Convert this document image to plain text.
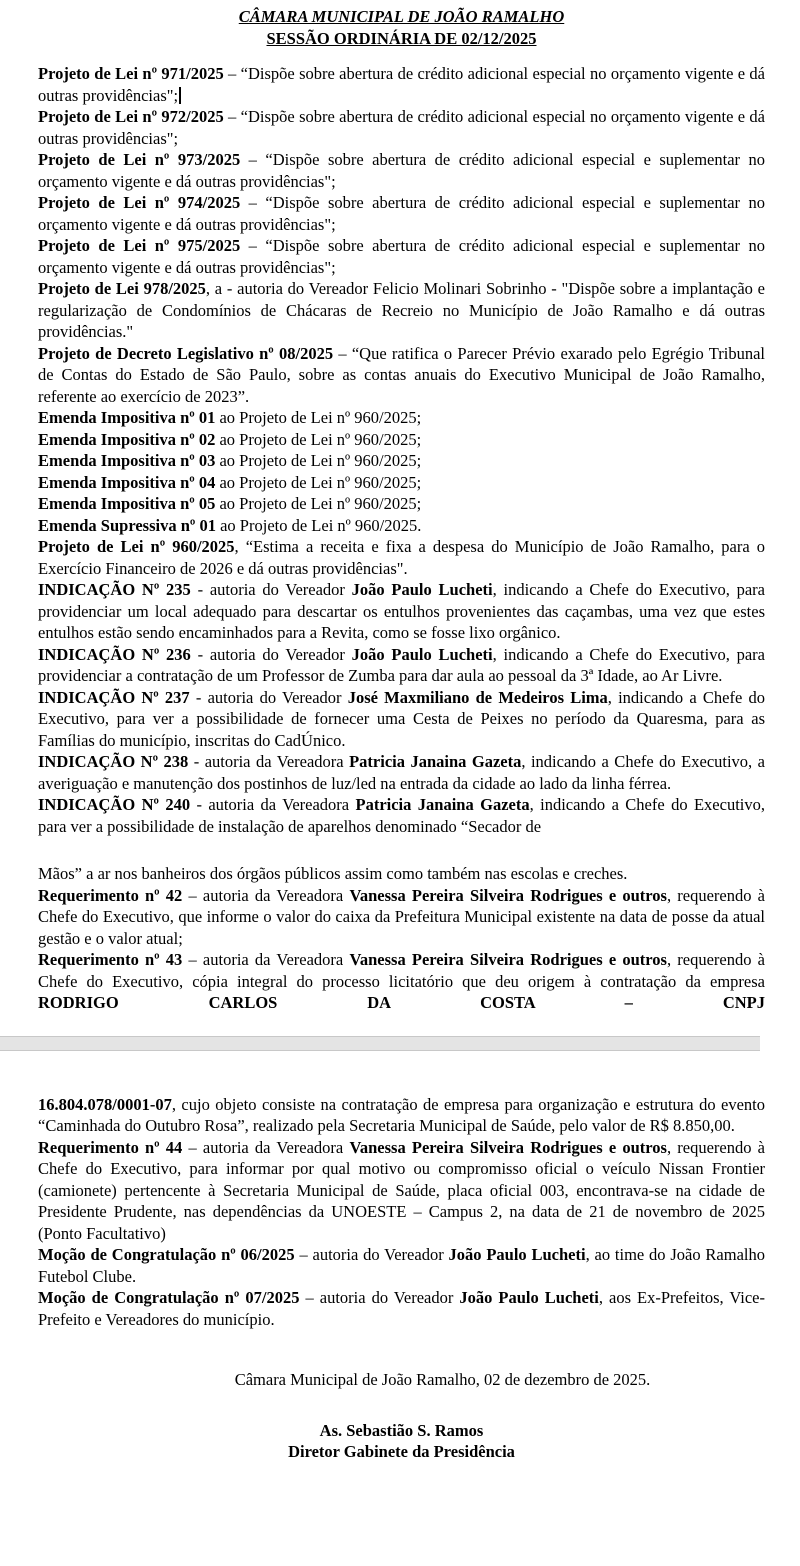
CÂMARA MUNICIPAL DE JOÃO RAMALHO
SESSÃO ORDINÁRIA DE 02/12/2025

Projeto de Lei nº 971/2025 – “Dispõe sobre abertura de crédito adicional especial no orçamento vigente e dá outras providências";

Projeto de Lei nº 972/2025 – “Dispõe sobre abertura de crédito adicional especial no orçamento vigente e dá outras providências";

Projeto de Lei nº 973/2025 – “Dispõe sobre abertura de crédito adicional especial e suplementar no orçamento vigente e dá outras providências";

Projeto de Lei nº 974/2025 – “Dispõe sobre abertura de crédito adicional especial e suplementar no orçamento vigente e dá outras providências";

Projeto de Lei nº 975/2025 – “Dispõe sobre abertura de crédito adicional especial e suplementar no orçamento vigente e dá outras providências";

Projeto de Lei 978/2025, a - autoria do Vereador Felicio Molinari Sobrinho - "Dispõe sobre a implantação e regularização de Condomínios de Chácaras de Recreio no Município de João Ramalho e dá outras providências."

Projeto de Decreto Legislativo nº 08/2025 – “Que ratifica o Parecer Prévio exarado pelo Egrégio Tribunal de Contas do Estado de São Paulo, sobre as contas anuais do Executivo Municipal de João Ramalho, referente ao exercício de 2023”.

Emenda Impositiva nº 01 ao Projeto de Lei nº 960/2025;

Emenda Impositiva nº 02 ao Projeto de Lei nº 960/2025;

Emenda Impositiva nº 03 ao Projeto de Lei nº 960/2025;

Emenda Impositiva nº 04 ao Projeto de Lei nº 960/2025;

Emenda Impositiva nº 05 ao Projeto de Lei nº 960/2025;

Emenda Supressiva nº 01 ao Projeto de Lei nº 960/2025.

Projeto de Lei nº 960/2025, “Estima a receita e fixa a despesa do Município de João Ramalho, para o Exercício Financeiro de 2026 e dá outras providências".

INDICAÇÃO Nº 235 - autoria do Vereador João Paulo Lucheti, indicando a Chefe do Executivo, para providenciar um local adequado para descartar os entulhos provenientes das caçambas, uma vez que estes entulhos estão sendo encaminhados para a Revita, como se fosse lixo orgânico.

INDICAÇÃO Nº 236 - autoria do Vereador João Paulo Lucheti, indicando a Chefe do Executivo, para providenciar a contratação de um Professor de Zumba para dar aula ao pessoal da 3ª Idade, ao Ar Livre.

INDICAÇÃO Nº 237 - autoria do Vereador José Maxmiliano de Medeiros Lima, indicando a Chefe do Executivo, para ver a possibilidade de fornecer uma Cesta de Peixes no período da Quaresma, para as Famílias do município, inscritas do CadÚnico.

INDICAÇÃO Nº 238 - autoria da Vereadora Patricia Janaina Gazeta, indicando a Chefe do Executivo, a averiguação e manutenção dos postinhos de luz/led na entrada da cidade ao lado da linha férrea.

INDICAÇÃO Nº 240 - autoria da Vereadora Patricia Janaina Gazeta, indicando a Chefe do Executivo, para ver a possibilidade de instalação de aparelhos denominado “Secador de

Mãos” a ar nos banheiros dos órgãos públicos assim como também nas escolas e creches.

Requerimento nº 42 – autoria da Vereadora Vanessa Pereira Silveira Rodrigues e outros, requerendo à Chefe do Executivo, que informe o valor do caixa da Prefeitura Municipal existente na data de posse da atual gestão e o valor atual;

Requerimento nº 43 – autoria da Vereadora Vanessa Pereira Silveira Rodrigues e outros, requerendo à Chefe do Executivo, cópia integral do processo licitatório que deu origem à contratação da empresa RODRIGO CARLOS DA COSTA – CNPJ

16.804.078/0001-07, cujo objeto consiste na contratação de empresa para organização e estrutura do evento “Caminhada do Outubro Rosa”, realizado pela Secretaria Municipal de Saúde, pelo valor de R$ 8.850,00.

Requerimento nº 44 – autoria da Vereadora Vanessa Pereira Silveira Rodrigues e outros, requerendo à Chefe do Executivo, para informar por qual motivo ou compromisso oficial o veículo Nissan Frontier (camionete) pertencente à Secretaria Municipal de Saúde, placa oficial 003, encontrava-se na cidade de Presidente Prudente, nas dependências da UNOESTE – Campus 2, na data de 21 de novembro de 2025 (Ponto Facultativo)

Moção de Congratulação nº 06/2025 – autoria do Vereador João Paulo Lucheti, ao time do João Ramalho Futebol Clube.

Moção de Congratulação nº 07/2025 – autoria do Vereador João Paulo Lucheti, aos Ex-Prefeitos, Vice-Prefeito e Vereadores do município.

Câmara Municipal de João Ramalho, 02 de dezembro de 2025.
As. Sebastião S. Ramos
Diretor Gabinete da Presidência
